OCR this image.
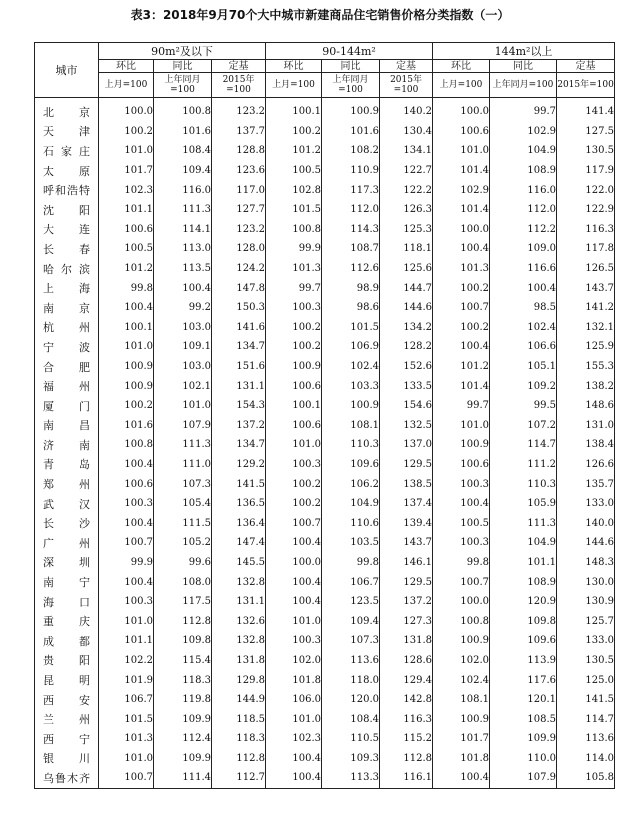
表3：2018年9月70个大中城市新建商品住宅销售价格分类指数（一）
城市	90m²及以下			90-144m²			144m²以上		
	环比	同比	定基	环比	同比	定基	环比	同比	定基
	上月=100	上年同月=100	2015年=100	上月=100	上年同月=100	2015年=100	上月=100	上年同月=100	2015年=100
北　京	100.0	100.8	123.2	100.1	100.9	140.2	100.0	99.7	141.4
天　津	100.2	101.6	137.7	100.2	101.6	130.4	100.6	102.9	127.5
石家庄	101.0	108.4	128.8	101.2	108.2	134.1	101.0	104.9	130.5
太　原	101.7	109.4	123.6	100.5	110.9	122.7	101.4	108.9	117.9
呼和浩特	102.3	116.0	117.0	102.8	117.3	122.2	102.9	116.0	122.0
沈　阳	101.1	111.3	127.7	101.5	112.0	126.3	101.4	112.0	122.9
大　连	100.6	114.1	123.2	100.8	114.3	125.3	100.0	112.2	116.3
长　春	100.5	113.0	128.0	99.9	108.7	118.1	100.4	109.0	117.8
哈尔滨	101.2	113.5	124.2	101.3	112.6	125.6	101.3	116.6	126.5
上　海	99.8	100.4	147.8	99.7	98.9	144.7	100.2	100.4	143.7
南　京	100.4	99.2	150.3	100.3	98.6	144.6	100.7	98.5	141.2
杭　州	100.1	103.0	141.6	100.2	101.5	134.2	100.2	102.4	132.1
宁　波	101.0	109.1	134.7	100.2	106.9	128.2	100.4	106.6	125.9
合　肥	100.9	103.0	151.6	100.9	102.4	152.6	101.2	105.1	155.3
福　州	100.9	102.1	131.1	100.6	103.3	133.5	101.4	109.2	138.2
厦　门	100.2	101.0	154.3	100.1	100.9	154.6	99.7	99.5	148.6
南　昌	101.6	107.9	137.2	100.6	108.1	132.5	101.0	107.2	131.0
济　南	100.8	111.3	134.7	101.0	110.3	137.0	100.9	114.7	138.4
青　岛	100.4	111.0	129.2	100.3	109.6	129.5	100.6	111.2	126.6
郑　州	100.6	107.3	141.5	100.2	106.2	138.5	100.3	110.3	135.7
武　汉	100.3	105.4	136.5	100.2	104.9	137.4	100.4	105.9	133.0
长　沙	100.4	111.5	136.4	100.7	110.6	139.4	100.5	111.3	140.0
广　州	100.7	105.2	147.4	100.4	103.5	143.7	100.3	104.9	144.6
深　圳	99.9	99.6	145.5	100.0	99.8	146.1	99.8	101.1	148.3
南　宁	100.4	108.0	132.8	100.4	106.7	129.5	100.7	108.9	130.0
海　口	100.3	117.5	131.1	100.4	123.5	137.2	100.0	120.9	130.9
重　庆	101.0	112.8	132.6	101.0	109.4	127.3	100.8	109.8	125.7
成　都	101.1	109.8	132.8	100.3	107.3	131.8	100.9	109.6	133.0
贵　阳	102.2	115.4	131.8	102.0	113.6	128.6	102.0	113.9	130.5
昆　明	101.9	118.3	129.8	101.8	118.0	129.4	102.4	117.6	125.0
西　安	106.7	119.8	144.9	106.0	120.0	142.8	108.1	120.1	141.5
兰　州	101.5	109.9	118.5	101.0	108.4	116.3	100.9	108.5	114.7
西　宁	101.3	112.4	118.3	102.3	110.5	115.2	101.7	109.9	113.6
银　川	101.0	109.9	112.8	100.4	109.3	112.8	101.8	110.0	114.0
乌鲁木齐	100.7	111.4	112.7	100.4	113.3	116.1	100.4	107.9	105.8
